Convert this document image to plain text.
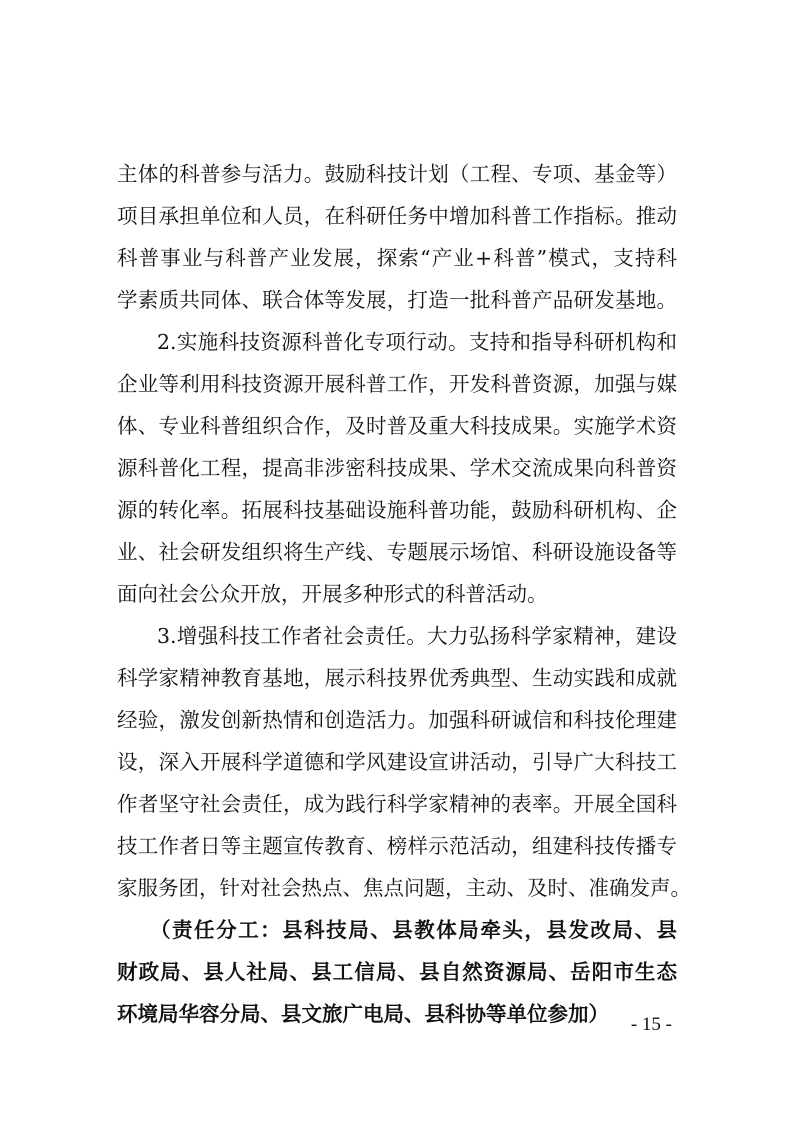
主体的科普参与活力。鼓励科技计划（工程、专项、基金等）
项目承担单位和人员，在科研任务中增加科普工作指标。推动
科普事业与科普产业发展，探索“产业+科普”模式，支持科
学素质共同体、联合体等发展，打造一批科普产品研发基地。
2.实施科技资源科普化专项行动。支持和指导科研机构和
企业等利用科技资源开展科普工作，开发科普资源，加强与媒
体、专业科普组织合作，及时普及重大科技成果。实施学术资
源科普化工程，提高非涉密科技成果、学术交流成果向科普资
源的转化率。拓展科技基础设施科普功能，鼓励科研机构、企
业、社会研发组织将生产线、专题展示场馆、科研设施设备等
面向社会公众开放，开展多种形式的科普活动。
3.增强科技工作者社会责任。大力弘扬科学家精神，建设
科学家精神教育基地，展示科技界优秀典型、生动实践和成就
经验，激发创新热情和创造活力。加强科研诚信和科技伦理建
设，深入开展科学道德和学风建设宣讲活动，引导广大科技工
作者坚守社会责任，成为践行科学家精神的表率。开展全国科
技工作者日等主题宣传教育、榜样示范活动，组建科技传播专
家服务团，针对社会热点、焦点问题，主动、及时、准确发声。
（责任分工：县科技局、县教体局牵头，县发改局、县
财政局、县人社局、县工信局、县自然资源局、岳阳市生态
环境局华容分局、县文旅广电局、县科协等单位参加）	- 15 -
